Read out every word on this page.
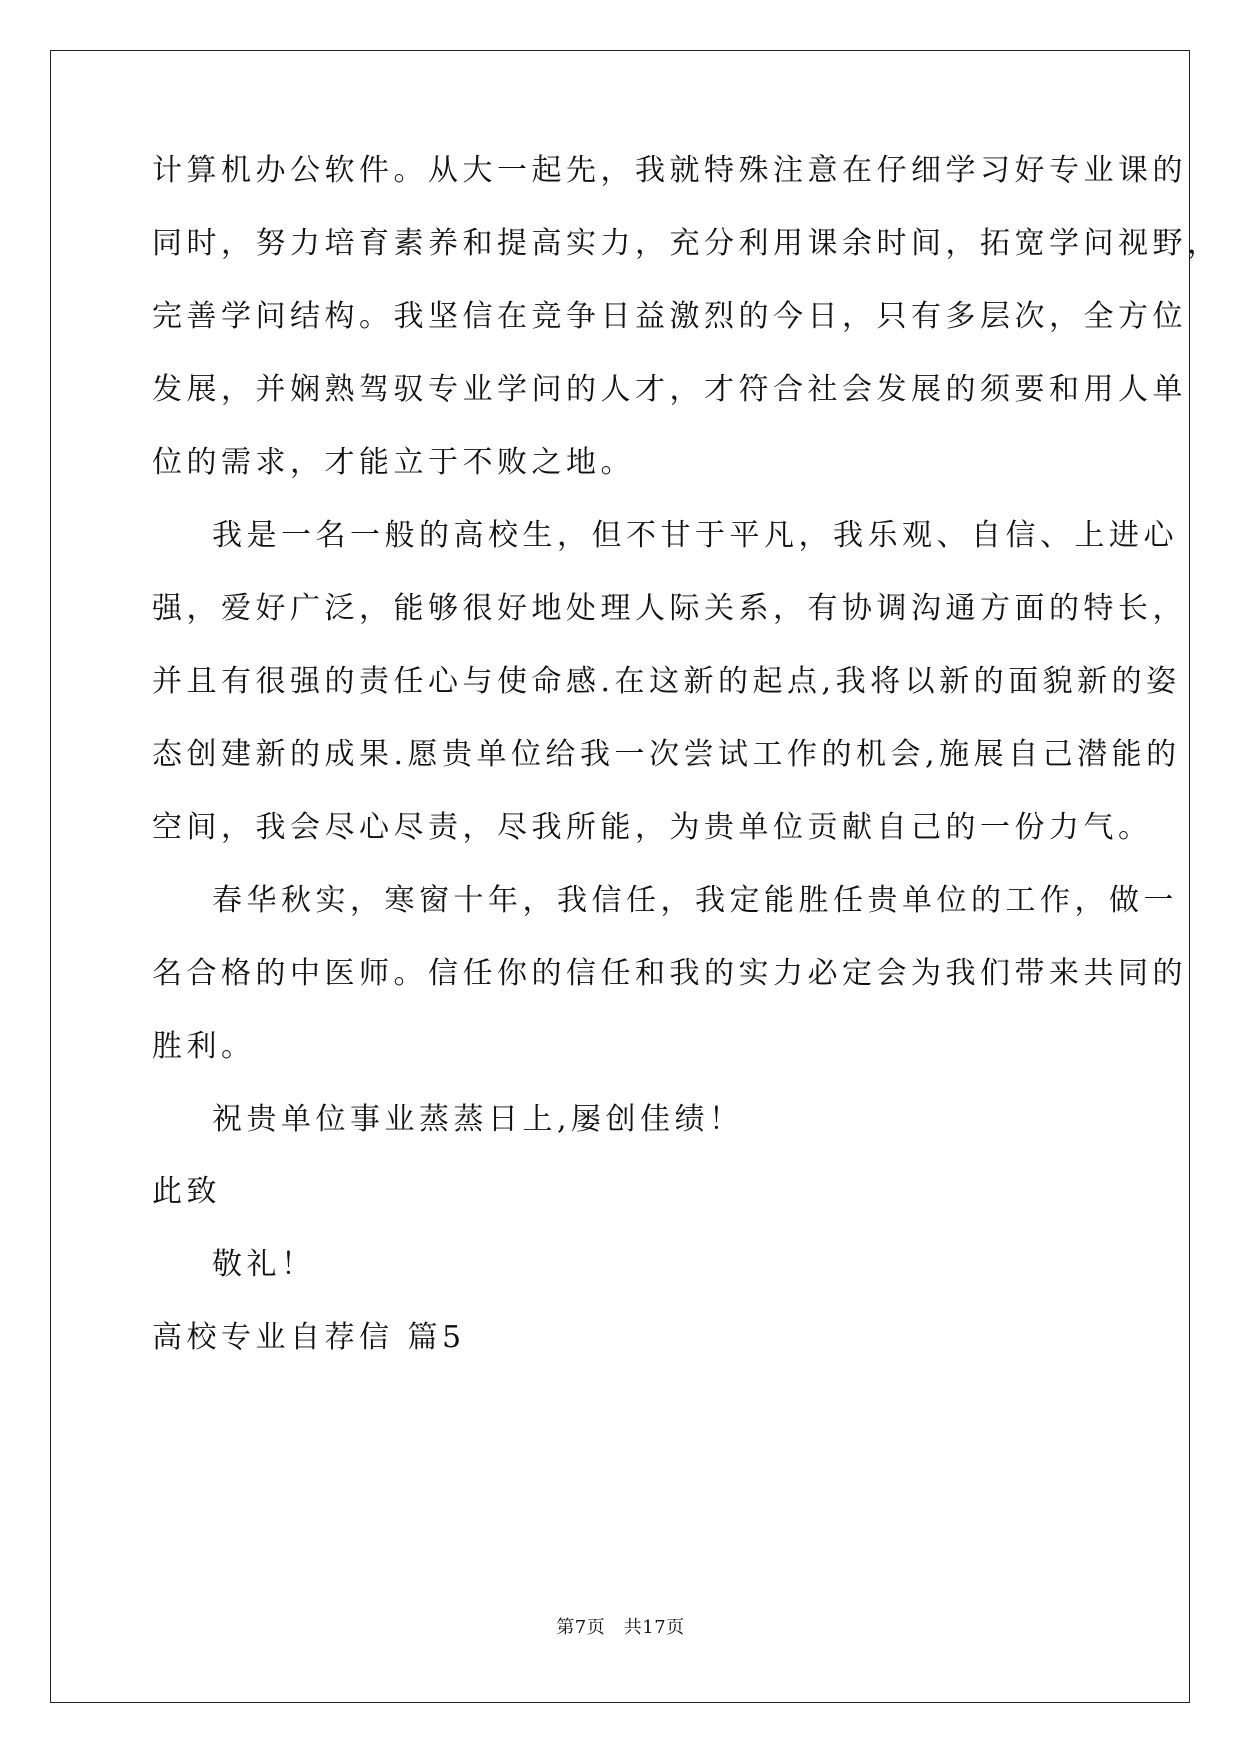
计算机办公软件。从大一起先，我就特殊注意在仔细学习好专业课的
同时，努力培育素养和提高实力，充分利用课余时间，拓宽学问视野，
完善学问结构。我坚信在竞争日益激烈的今日，只有多层次，全方位
发展，并娴熟驾驭专业学问的人才，才符合社会发展的须要和用人单
位的需求，才能立于不败之地。
我是一名一般的高校生，但不甘于平凡，我乐观、自信、上进心
强，爱好广泛，能够很好地处理人际关系，有协调沟通方面的特长，
并且有很强的责任心与使命感.在这新的起点,我将以新的面貌新的姿
态创建新的成果.愿贵单位给我一次尝试工作的机会,施展自己潜能的
空间，我会尽心尽责，尽我所能，为贵单位贡献自己的一份力气。
春华秋实，寒窗十年，我信任，我定能胜任贵单位的工作，做一
名合格的中医师。信任你的信任和我的实力必定会为我们带来共同的
胜利。
祝贵单位事业蒸蒸日上,屡创佳绩！
此致
敬礼！
高校专业自荐信 篇5
第7页　共17页
